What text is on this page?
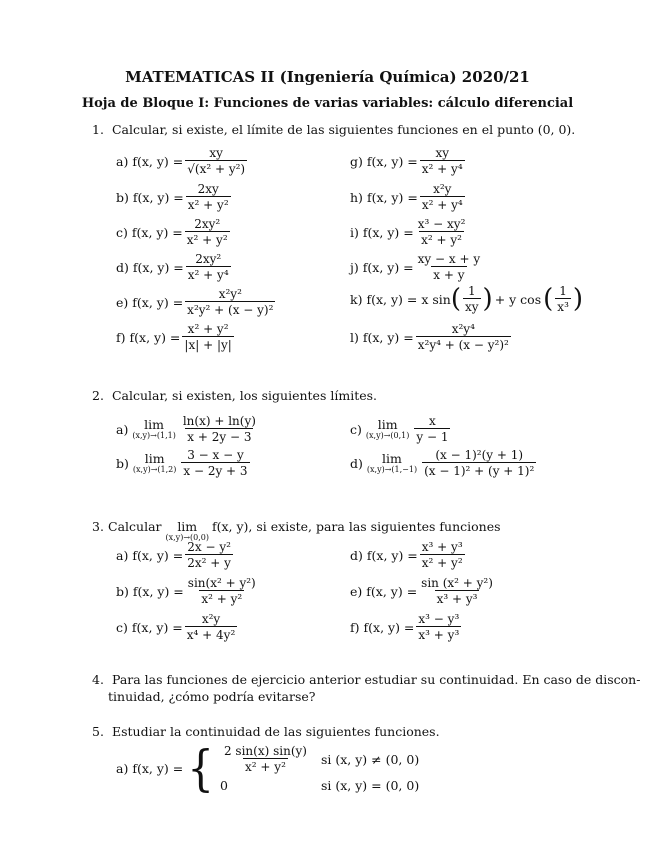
MATEMATICAS II (Ingeniería Química) 2020/21
Hoja de Bloque I: Funciones de varias variables: cálculo diferencial
1. Calcular, si existe, el límite de las siguientes funciones en el punto (0, 0).
a) f(x, $y) = \frac{xy}{\text{√(x² + y²)}}$
b) f(x, $y) = \frac{2xy}{\text{x² + y²}}$
c) f(x, $y) = \frac{\text{2xy²}}{\text{x² + y²}}$
d) f(x, $y) = \frac{\text{2xy²}}{\text{x² + y⁴}}$
e) f(x, $y) = \frac{\text{x²y²}}{\text{x²y² + (x − y)²}}$
f) f(x, $y) = \frac{\text{x² + y²}}{|x| + |y|}$
g) f(x, $y) = \frac{xy}{\text{x² + y⁴}}$
h) f(x, $y) = \frac{\text{x²y}}{\text{x² + y⁴}}$
i) f(x, $y) = \frac{\text{x³ − xy²}}{\text{x² + y²}}$
j) f(x, $y) = \frac{xy - x + y}{x + y}$
k) f(x, y) = x sin ( $\frac{1}{xy}$ ) + y cos ( $\frac{1}{\text{x³}}$ )
l) f(x, $y) = \frac{\text{x²y⁴}}{\text{x²y⁴ + (x − y²)²}}$
2. Calcular, si existen, los siguientes límites.
a) lim
$(x,y)\to(1,1) \frac{\ln(x) + \ln(y)}{x + 2y - 3}$
b) lim
$(x,y)\to(1,2) \frac{3 - x - y}{x - 2y + 3}$
c) lim
$(x,y)\to(0,1) \frac{x}{y - 1}$
d) lim
$(x,y)\to(1,-1) \frac{\text{(x − 1)²(y + 1)}}{\text{(x − 1)² + (y + 1)²}}$
3. Calcular lim
(x,y)→(0,0)
f(x, y), si existe, para las siguientes funciones
a) f(x, $y) = \frac{\text{2x − y²}}{\text{2x² + y}}$
b) f(x, $y) = \frac{\text{sin(x² + y²)}}{\text{x² + y²}}$
c) f(x, $y) = \frac{\text{x²y}}{\text{x⁴ + 4y²}}$
d) f(x, $y) = \frac{\text{x³ + y³}}{\text{x² + y²}}$
e) f(x, $y) = \frac{\text{sin (x² + y²)}}{\text{x³ + y³}}$
f) f(x, $y) = \frac{\text{x³ − y³}}{\text{x³ + y³}}$
4. Para las funciones de ejercicio anterior estudiar su continuidad. En caso de discon-
tinuidad, ¿cómo podría evitarse?
5. Estudiar la continuidad de las siguientes funciones.
a) f(x, y) = { $\frac{2 \sin(x) \sin(y)}{\text{x² + y²}}$ si (x, y) ≠ (0, 0)
0	si (x, y) = (0, 0)
